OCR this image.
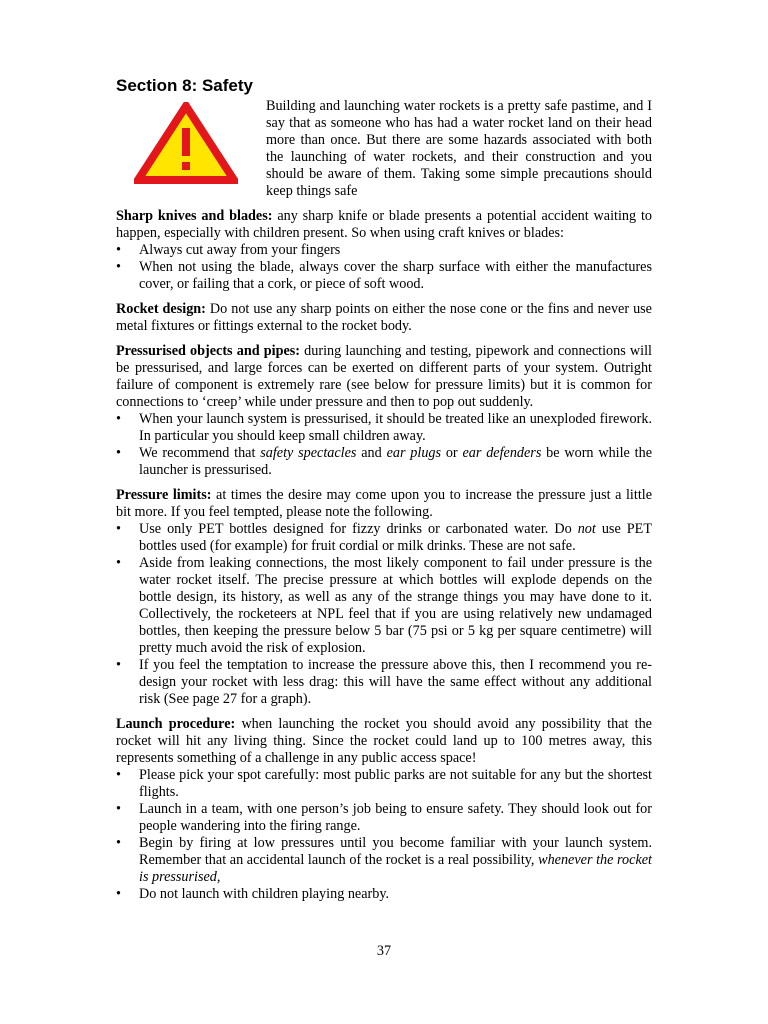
Section 8: Safety
Building and launching water rockets is a pretty safe pastime, and I say that as someone who has had a water rocket land on their head more than once. But there are some hazards associated with both the launching of water rockets, and their construction and you should be aware of them. Taking some simple precautions should keep things safe

Sharp knives and blades: any sharp knife or blade presents a potential accident waiting to happen, especially with children present. So when using craft knives or blades:

• Always cut away from your fingers
• When not using the blade, always cover the sharp surface with either the manufactures cover, or failing that a cork, or piece of soft wood.

Rocket design: Do not use any sharp points on either the nose cone or the fins and never use metal fixtures or fittings external to the rocket body.

Pressurised objects and pipes: during launching and testing, pipework and connections will be pressurised, and large forces can be exerted on different parts of your system. Outright failure of component is extremely rare (see below for pressure limits) but it is common for connections to ‘creep’ while under pressure and then to pop out suddenly.

• When your launch system is pressurised, it should be treated like an unexploded firework. In particular you should keep small children away.
• We recommend that safety spectacles and ear plugs or ear defenders be worn while the launcher is pressurised.

Pressure limits: at times the desire may come upon you to increase the pressure just a little bit more. If you feel tempted, please note the following.

• Use only PET bottles designed for fizzy drinks or carbonated water. Do not use PET bottles used (for example) for fruit cordial or milk drinks. These are not safe.
• Aside from leaking connections, the most likely component to fail under pressure is the water rocket itself. The precise pressure at which bottles will explode depends on the bottle design, its history, as well as any of the strange things you may have done to it. Collectively, the rocketeers at NPL feel that if you are using relatively new undamaged bottles, then keeping the pressure below 5 bar (75 psi or 5 kg per square centimetre) will pretty much avoid the risk of explosion.
• If you feel the temptation to increase the pressure above this, then I recommend you re-design your rocket with less drag: this will have the same effect without any additional risk (See page 27 for a graph).

Launch procedure: when launching the rocket you should avoid any possibility that the rocket will hit any living thing. Since the rocket could land up to 100 metres away, this represents something of a challenge in any public access space!

• Please pick your spot carefully: most public parks are not suitable for any but the shortest flights.
• Launch in a team, with one person’s job being to ensure safety. They should look out for people wandering into the firing range.
• Begin by firing at low pressures until you become familiar with your launch system. Remember that an accidental launch of the rocket is a real possibility, whenever the rocket is pressurised,
• Do not launch with children playing nearby.
37
